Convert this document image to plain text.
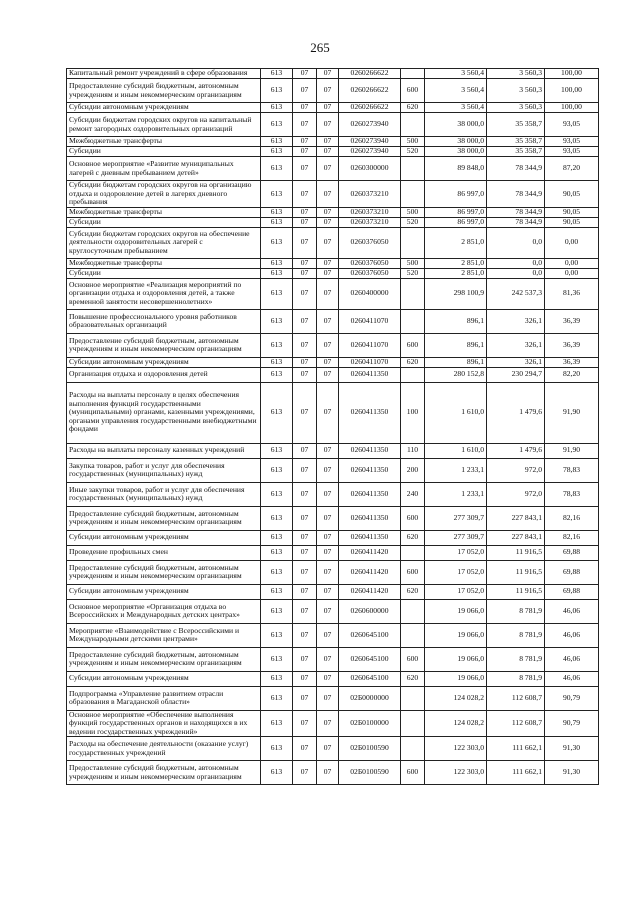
265
Капитальный ремонт учреждений в сфере образования	613	07	07	0260266622		3 560,4	3 560,3	100,00
Предоставление субсидий бюджетным, автономным учреждениям и иным некоммерческим организациям	613	07	07	0260266622	600	3 560,4	3 560,3	100,00
Субсидии автономным учреждениям	613	07	07	0260266622	620	3 560,4	3 560,3	100,00
Субсидии бюджетам городских округов на капитальный ремонт загородных оздоровительных организаций	613	07	07	0260273940		38 000,0	35 358,7	93,05
Межбюджетные трансферты	613	07	07	0260273940	500	38 000,0	35 358,7	93,05
Субсидии	613	07	07	0260273940	520	38 000,0	35 358,7	93,05
Основное мероприятие «Развитие муниципальных лагерей с дневным пребыванием детей»	613	07	07	0260300000		89 848,0	78 344,9	87,20
Субсидии бюджетам городских округов на организацию отдыха и оздоровление детей в лагерях дневного пребывания	613	07	07	0260373210		86 997,0	78 344,9	90,05
Межбюджетные трансферты	613	07	07	0260373210	500	86 997,0	78 344,9	90,05
Субсидии	613	07	07	0260373210	520	86 997,0	78 344,9	90,05
Субсидии бюджетам городских округов на обеспечение деятельности оздоровительных лагерей с круглосуточным пребыванием	613	07	07	0260376050		2 851,0	0,0	0,00
Межбюджетные трансферты	613	07	07	0260376050	500	2 851,0	0,0	0,00
Субсидии	613	07	07	0260376050	520	2 851,0	0,0	0,00
Основное мероприятие «Реализация мероприятий по организации отдыха и оздоровления детей, а также временной занятости несовершеннолетних»	613	07	07	0260400000		298 100,9	242 537,3	81,36
Повышение профессионального уровня работников образовательных организаций	613	07	07	0260411070		896,1	326,1	36,39
Предоставление субсидий бюджетным, автономным учреждениям и иным некоммерческим организациям	613	07	07	0260411070	600	896,1	326,1	36,39
Субсидии автономным учреждениям	613	07	07	0260411070	620	896,1	326,1	36,39
Организация отдыха и оздоровления детей	613	07	07	0260411350		280 152,8	230 294,7	82,20
Расходы на выплаты персоналу в целях обеспечения выполнения функций государственными (муниципальными) органами, казенными учреждениями, органами управления государственными внебюджетными фондами	613	07	07	0260411350	100	1 610,0	1 479,6	91,90
Расходы на выплаты персоналу казенных учреждений	613	07	07	0260411350	110	1 610,0	1 479,6	91,90
Закупка товаров, работ и услуг для обеспечения государственных (муниципальных) нужд	613	07	07	0260411350	200	1 233,1	972,0	78,83
Иные закупки товаров, работ и услуг для обеспечения государственных (муниципальных) нужд	613	07	07	0260411350	240	1 233,1	972,0	78,83
Предоставление субсидий бюджетным, автономным учреждениям и иным некоммерческим организациям	613	07	07	0260411350	600	277 309,7	227 843,1	82,16
Субсидии автономным учреждениям	613	07	07	0260411350	620	277 309,7	227 843,1	82,16
Проведение профильных смен	613	07	07	0260411420		17 052,0	11 916,5	69,88
Предоставление субсидий бюджетным, автономным учреждениям и иным некоммерческим организациям	613	07	07	0260411420	600	17 052,0	11 916,5	69,88
Субсидии автономным учреждениям	613	07	07	0260411420	620	17 052,0	11 916,5	69,88
Основное мероприятие «Организация отдыха во Всероссийских и Международных детских центрах»	613	07	07	0260600000		19 066,0	8 781,9	46,06
Мероприятие «Взаимодействие с Всероссийскими и Международными детскими центрами»	613	07	07	0260645100		19 066,0	8 781,9	46,06
Предоставление субсидий бюджетным, автономным учреждениям и иным некоммерческим организациям	613	07	07	0260645100	600	19 066,0	8 781,9	46,06
Субсидии автономным учреждениям	613	07	07	0260645100	620	19 066,0	8 781,9	46,06
Подпрограмма «Управление развитием отрасли образования в Магаданской области»	613	07	07	02Б0000000		124 028,2	112 608,7	90,79
Основное мероприятие «Обеспечение выполнения функций государственных органов и находящихся в их ведении государственных учреждений»	613	07	07	02Б0100000		124 028,2	112 608,7	90,79
Расходы на обеспечение деятельности (оказание услуг) государственных учреждений	613	07	07	02Б0100590		122 303,0	111 662,1	91,30
Предоставление субсидий бюджетным, автономным учреждениям и иным некоммерческим организациям	613	07	07	02Б0100590	600	122 303,0	111 662,1	91,30
